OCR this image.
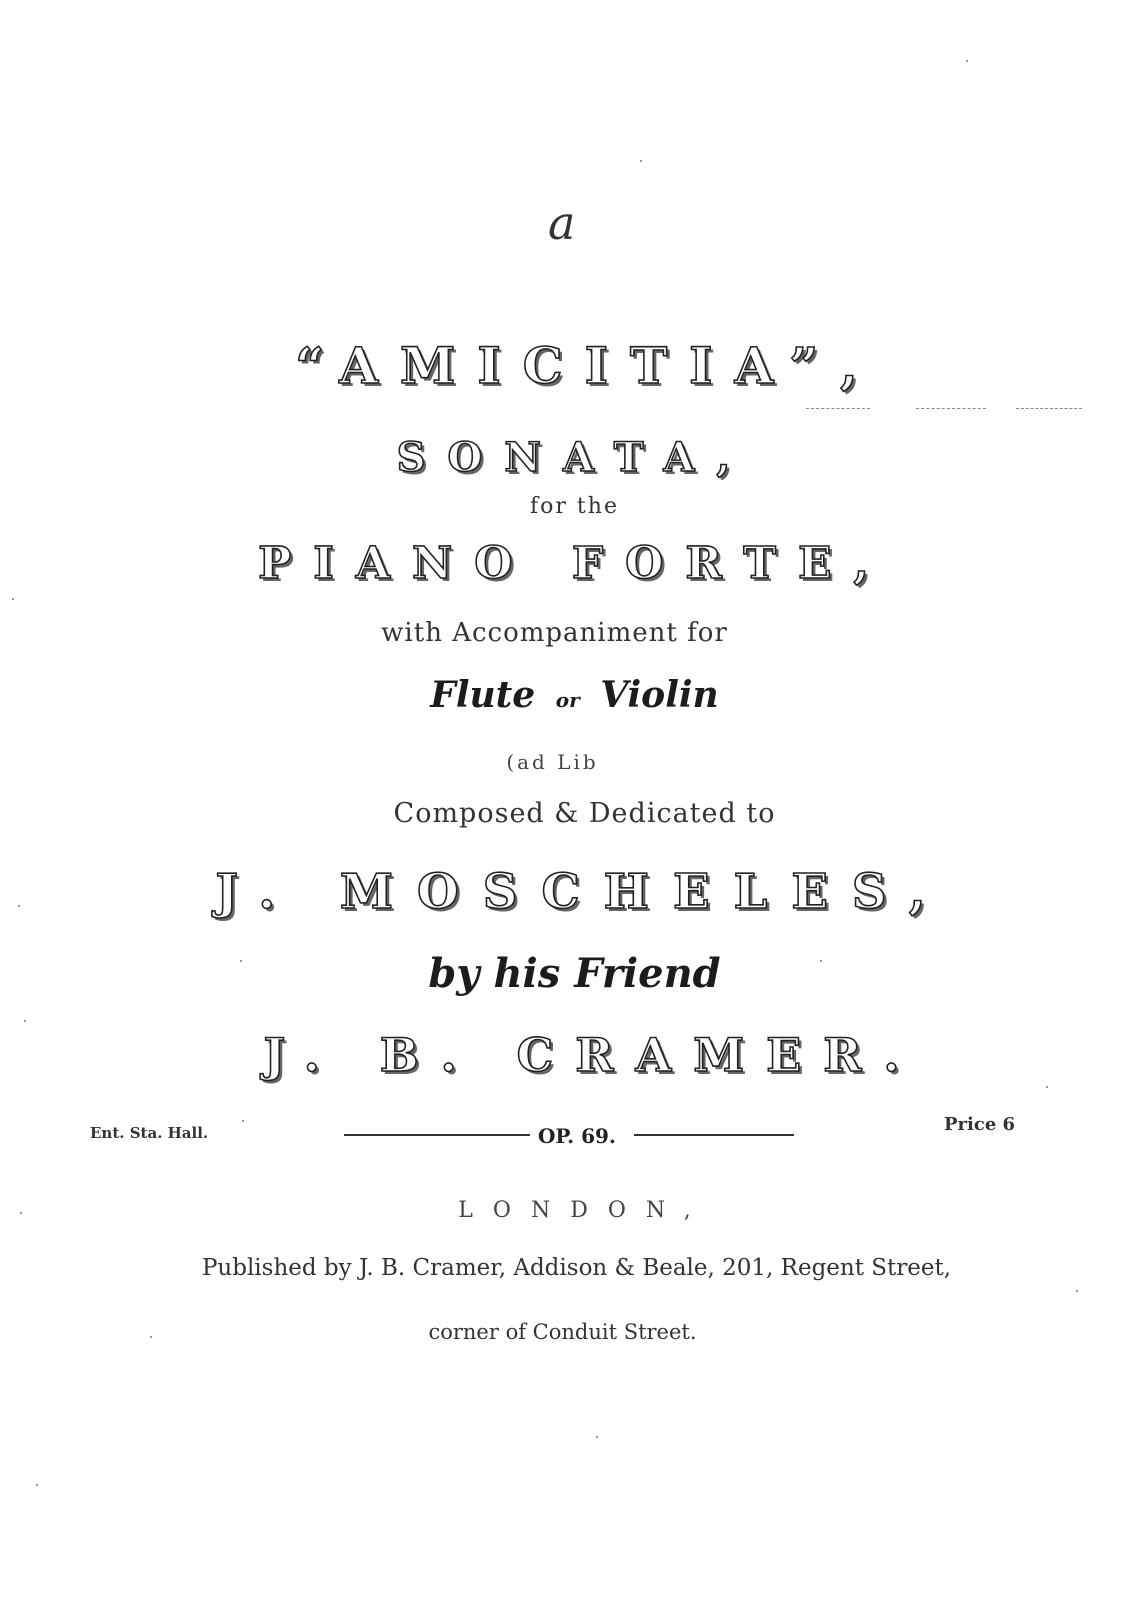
a
“AMICITIA”,
SONATA,
for the
PIANO FORTE,
with Accompaniment for
Flute or Violin
(ad Lib
Composed & Dedicated to
J. MOSCHELES,
by his Friend
J. B. CRAMER.
Ent. Sta. Hall.	OP. 69.	Price 6
LONDON,
Published by J. B. Cramer, Addison & Beale, 201, Regent Street,
corner of Conduit Street.
